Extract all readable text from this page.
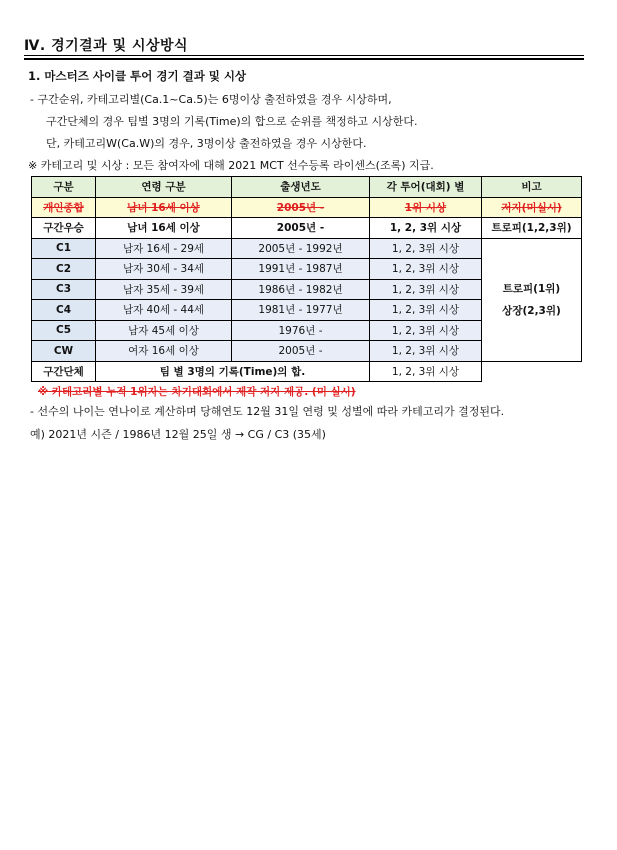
Ⅳ. 경기결과 및 시상방식
1. 마스터즈 사이클 투어 경기 결과 및 시상
- 구간순위, 카테고리별(Ca.1~Ca.5)는 6명이상 출전하였을 경우 시상하며,
구간단체의 경우 팀별 3명의 기록(Time)의 합으로 순위를 책정하고 시상한다.
단, 카테고리W(Ca.W)의 경우, 3명이상 출전하였을 경우 시상한다.
※ 카테고리 및 시상 : 모든 참여자에 대해 2021 MCT 선수등록 라이센스(조록) 지급.
구분	연령 구분	출생년도	각 투어(대회) 별	비고
개인종합	남녀 16세 이상	2005년 -	1위 시상	저지(미실시)
구간우승	남녀 16세 이상	2005년 -	1, 2, 3위 시상	트로피(1,2,3위)
C1	남자 16세 - 29세	2005년 - 1992년	1, 2, 3위 시상	트로피(1위)
상장(2,3위)

C2	남자 30세 - 34세	1991년 - 1987년	1, 2, 3위 시상	
C3	남자 35세 - 39세	1986년 - 1982년	1, 2, 3위 시상	
C4	남자 40세 - 44세	1981년 - 1977년	1, 2, 3위 시상	
C5	남자 45세 이상	1976년 -	1, 2, 3위 시상	
CW	여자 16세 이상	2005년 -	1, 2, 3위 시상	
구간단체	팀 별 3명의 기록(Time)의 합.		1, 2, 3위 시상	
※ 카테고리별 누적 1위자는 차기대회에서 제작 저지 제공. (미 실시)
- 선수의 나이는 연나이로 계산하며 당해연도 12월 31일 연령 및 성별에 따라 카테고리가 결정된다.
예) 2021년 시즌 / 1986년 12월 25일 생 → CG / C3 (35세)
